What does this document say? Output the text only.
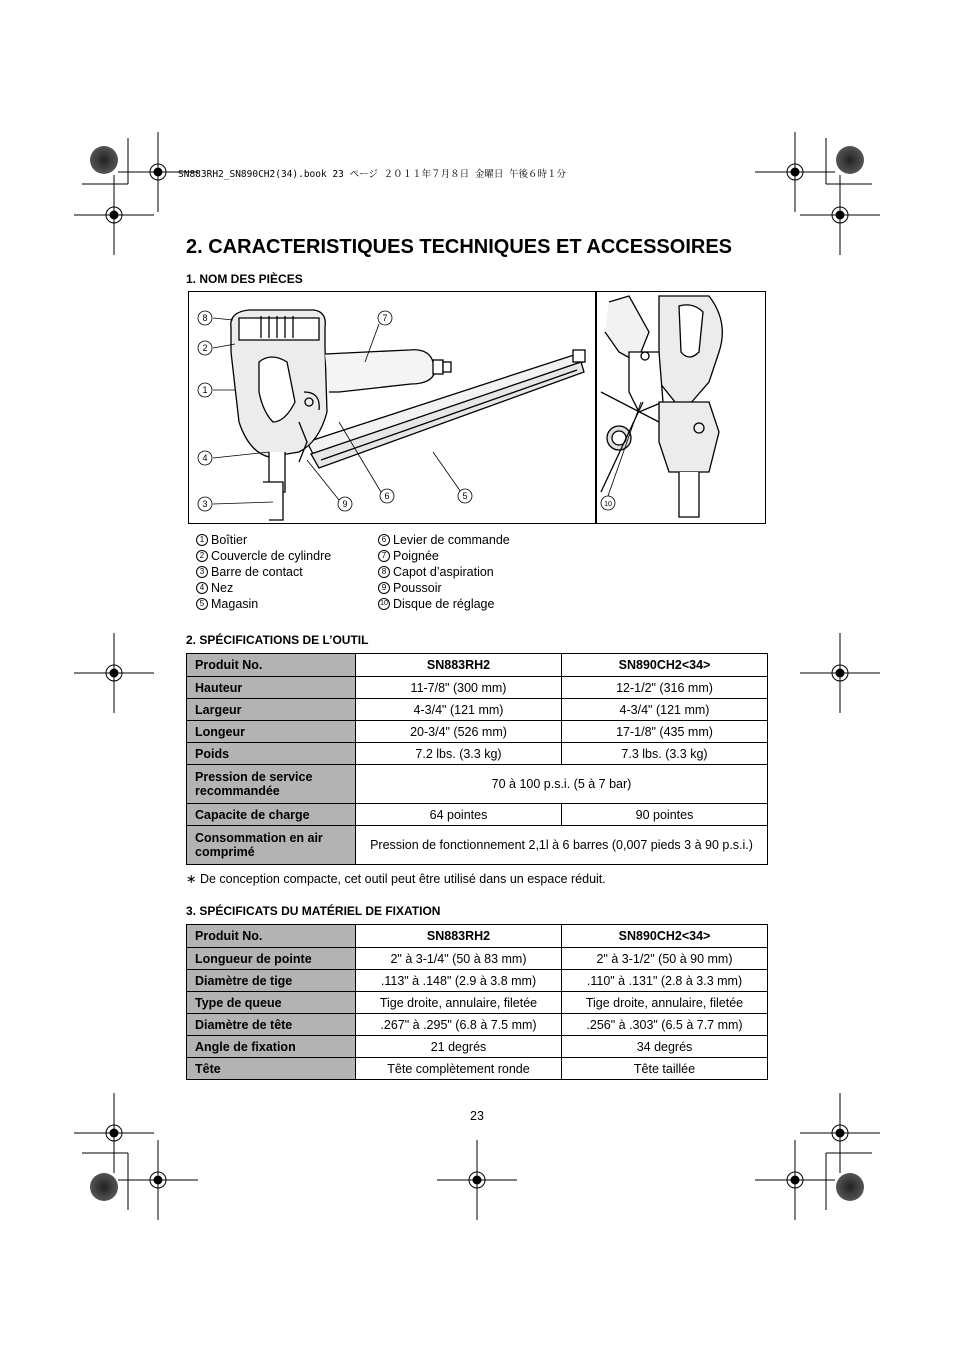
SN883RH2_SN890CH2(34).book 23 ページ ２０１１年７月８日 金曜日 午後６時１分
2. CARACTERISTIQUES TECHNIQUES ET ACCESSOIRES
1. NOM DES PIÈCES
8
2
1
4
3
7
6
9
5
10
1 Boîtier
2 Couvercle de cylindre
3 Barre de contact
4 Nez
5 Magasin
6 Levier de commande
7 Poignée
8 Capot d’aspiration
9 Poussoir
10 Disque de réglage
2. SPÉCIFICATIONS DE L’OUTIL
Produit No.	SN883RH2	SN890CH2<34>
Hauteur	11-7/8" (300 mm)	12-1/2" (316 mm)
Largeur	4-3/4" (121 mm)	4-3/4" (121 mm)
Longeur	20-3/4" (526 mm)	17-1/8" (435 mm)
Poids	7.2 lbs. (3.3 kg)	7.3 lbs. (3.3 kg)
Pression de service recommandée	70 à 100 p.s.i. (5 à 7 bar)	
Capacite de charge	64 pointes	90 pointes
Consommation en air comprimé	Pression de fonctionnement 2,1l à 6 barres (0,007 pieds 3 à 90 p.s.i.)	
∗ De conception compacte, cet outil peut être utilisé dans un espace réduit.
3. SPÉCIFICATS DU MATÉRIEL DE FIXATION
Produit No.	SN883RH2	SN890CH2<34>
Longueur de pointe	2" à 3-1/4" (50 à 83 mm)	2" à 3-1/2" (50 à 90 mm)
Diamètre de tige	.113" à .148" (2.9 à 3.8 mm)	.110" à .131" (2.8 à 3.3 mm)
Type de queue	Tige droite, annulaire, filetée	Tige droite, annulaire, filetée
Diamètre de tête	.267" à .295" (6.8 à 7.5 mm)	.256" à .303" (6.5 à 7.7 mm)
Angle de fixation	21 degrés	34 degrés
Tête	Tête complètement ronde	Tête taillée
23
